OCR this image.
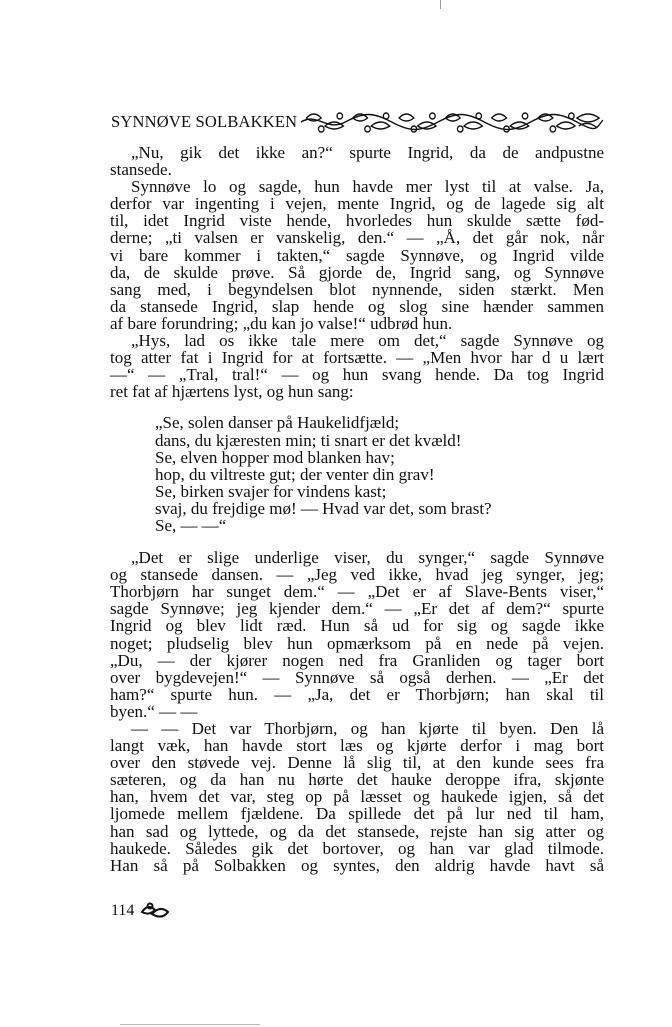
SYNNØVE SOLBAKKEN
„Nu, gik det ikke an?“ spurte Ingrid, da de andpustne
stansede.
Synnøve lo og sagde, hun havde mer lyst til at valse. Ja,
derfor var ingenting i vejen, mente Ingrid, og de lagede sig alt
til, idet Ingrid viste hende, hvorledes hun skulde sætte fød-
derne; „ti valsen er vanskelig, den.“ — „Å, det går nok, når
vi bare kommer i takten,“ sagde Synnøve, og Ingrid vilde
da, de skulde prøve. Så gjorde de, Ingrid sang, og Synnøve
sang med, i begyndelsen blot nynnende, siden stærkt. Men
da stansede Ingrid, slap hende og slog sine hænder sammen
af bare forundring; „du kan jo valse!“ udbrød hun.
„Hys, lad os ikke tale mere om det,“ sagde Synnøve og
tog atter fat i Ingrid for at fortsætte. — „Men hvor har d u lært
—“ — „Tral, tral!“ — og hun svang hende. Da tog Ingrid
ret fat af hjærtens lyst, og hun sang:
„Se, solen danser på Haukelidfjæld;
dans, du kjæresten min; ti snart er det kvæld!
Se, elven hopper mod blanken hav;
hop, du viltreste gut; der venter din grav!
Se, birken svajer for vindens kast;
svaj, du frejdige mø! — Hvad var det, som brast?
Se, — —“
„Det er slige underlige viser, du synger,“ sagde Synnøve
og stansede dansen. — „Jeg ved ikke, hvad jeg synger, jeg;
Thorbjørn har sunget dem.“ — „Det er af Slave-Bents viser,“
sagde Synnøve; jeg kjender dem.“ — „Er det af dem?“ spurte
Ingrid og blev lidt ræd. Hun så ud for sig og sagde ikke
noget; pludselig blev hun opmærksom på en nede på vejen.
„Du, — der kjører nogen ned fra Granliden og tager bort
over bygdevejen!“ — Synnøve så også derhen. — „Er det
ham?“ spurte hun. — „Ja, det er Thorbjørn; han skal til
byen.“ — —
— — Det var Thorbjørn, og han kjørte til byen. Den lå
langt væk, han havde stort læs og kjørte derfor i mag bort
over den støvede vej. Denne lå slig til, at den kunde sees fra
sæteren, og da han nu hørte det hauke deroppe ifra, skjønte
han, hvem det var, steg op på læsset og haukede igjen, så det
ljomede mellem fjældene. Da spillede det på lur ned til ham,
han sad og lyttede, og da det stansede, rejste han sig atter og
haukede. Således gik det bortover, og han var glad tilmode.
Han så på Solbakken og syntes, den aldrig havde havt så
114
